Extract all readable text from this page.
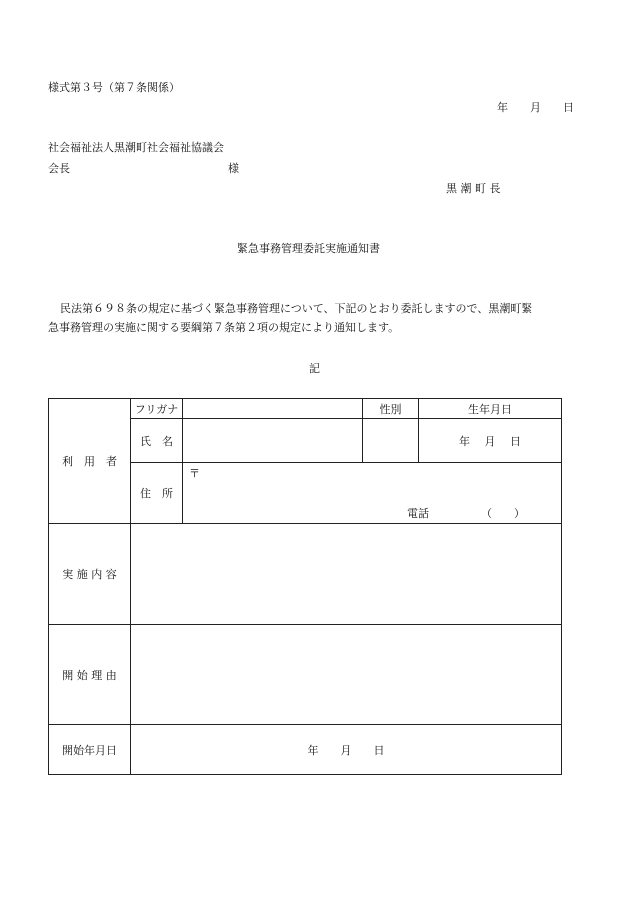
様式第３号（第７条関係）
年　　月　　日
社会福祉法人黒潮町社会福祉協議会
会長	様
黒 潮 町 長
緊急事務管理委託実施通知書
民法第６９８条の規定に基づく緊急事務管理について、下記のとおり委託しますので、黒潮町緊
急事務管理の実施に関する要綱第７条第２項の規定により通知します。
記
利　用　者	フリガナ		性別	生年月日
	氏　名			年　 月　 日
	住　所	〒
電話 （　　）		

実 施 内 容				
開 始 理 由				
開始年月日	年　　月　　日			
